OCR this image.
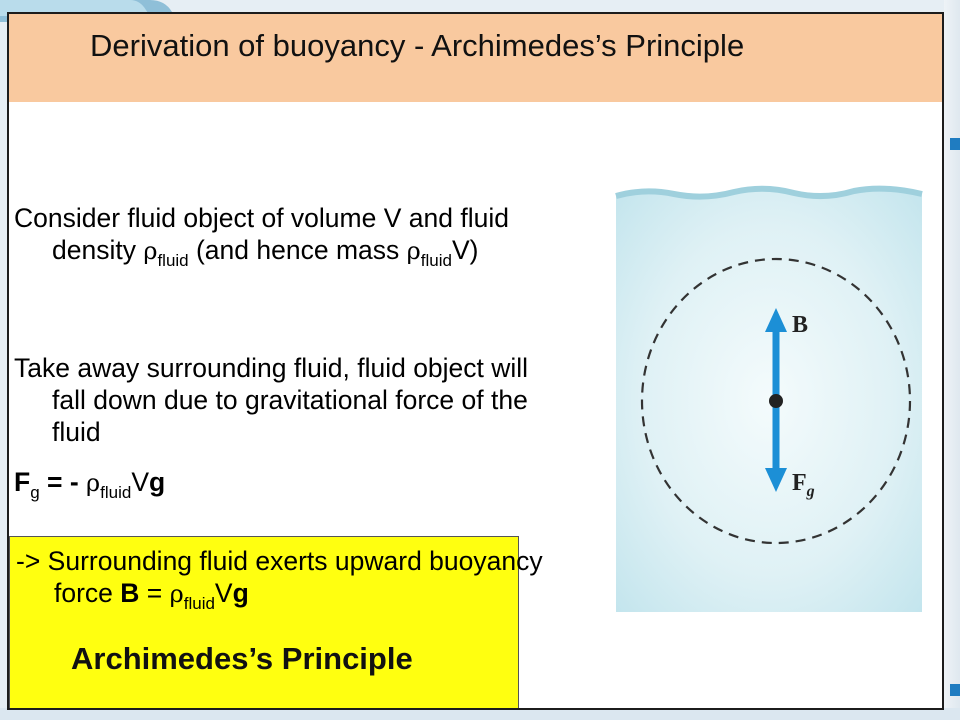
Derivation of buoyancy - Archimedes’s Principle

Consider fluid object of volume V and fluid density $\rho_{fluid}$ (and hence mass $\rho_{fluid}V$)

Take away surrounding fluid, fluid object will fall down due to gravitational force of the fluid

$F_g$ = - $\rho_{fluid}Vg$

-> Surrounding fluid exerts upward buoyancy force $B = \rho_{fluid}Vg$

Archimedes’s Principle

B
$F_g$
